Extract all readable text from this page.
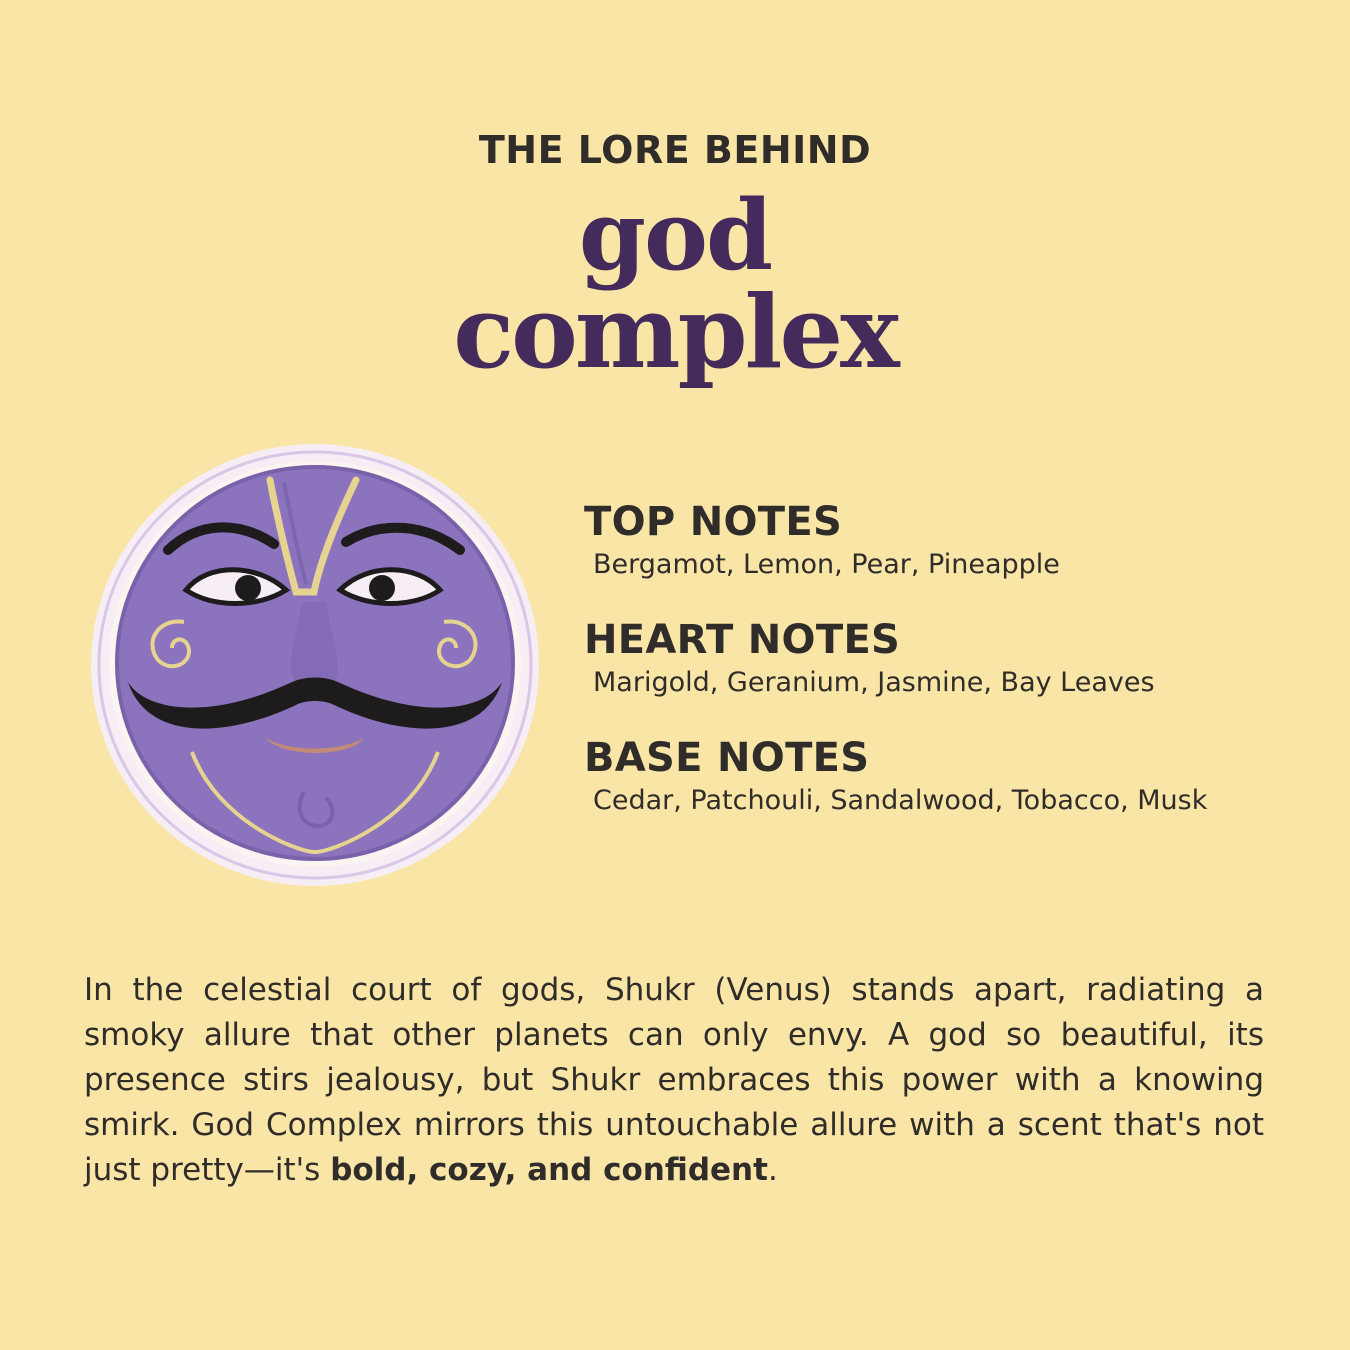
THE LORE BEHIND
god
complex
TOP NOTES
Bergamot, Lemon, Pear, Pineapple
HEART NOTES
Marigold, Geranium, Jasmine, Bay Leaves
BASE NOTES
Cedar, Patchouli, Sandalwood, Tobacco, Musk
In the celestial court of gods, Shukr (Venus) stands apart, radiating a smoky allure that other planets can only envy. A god so beautiful, its presence stirs jealousy, but Shukr embraces this power with a knowing smirk. God Complex mirrors this untouchable allure with a scent that's not just pretty—it's bold, cozy, and confident.
